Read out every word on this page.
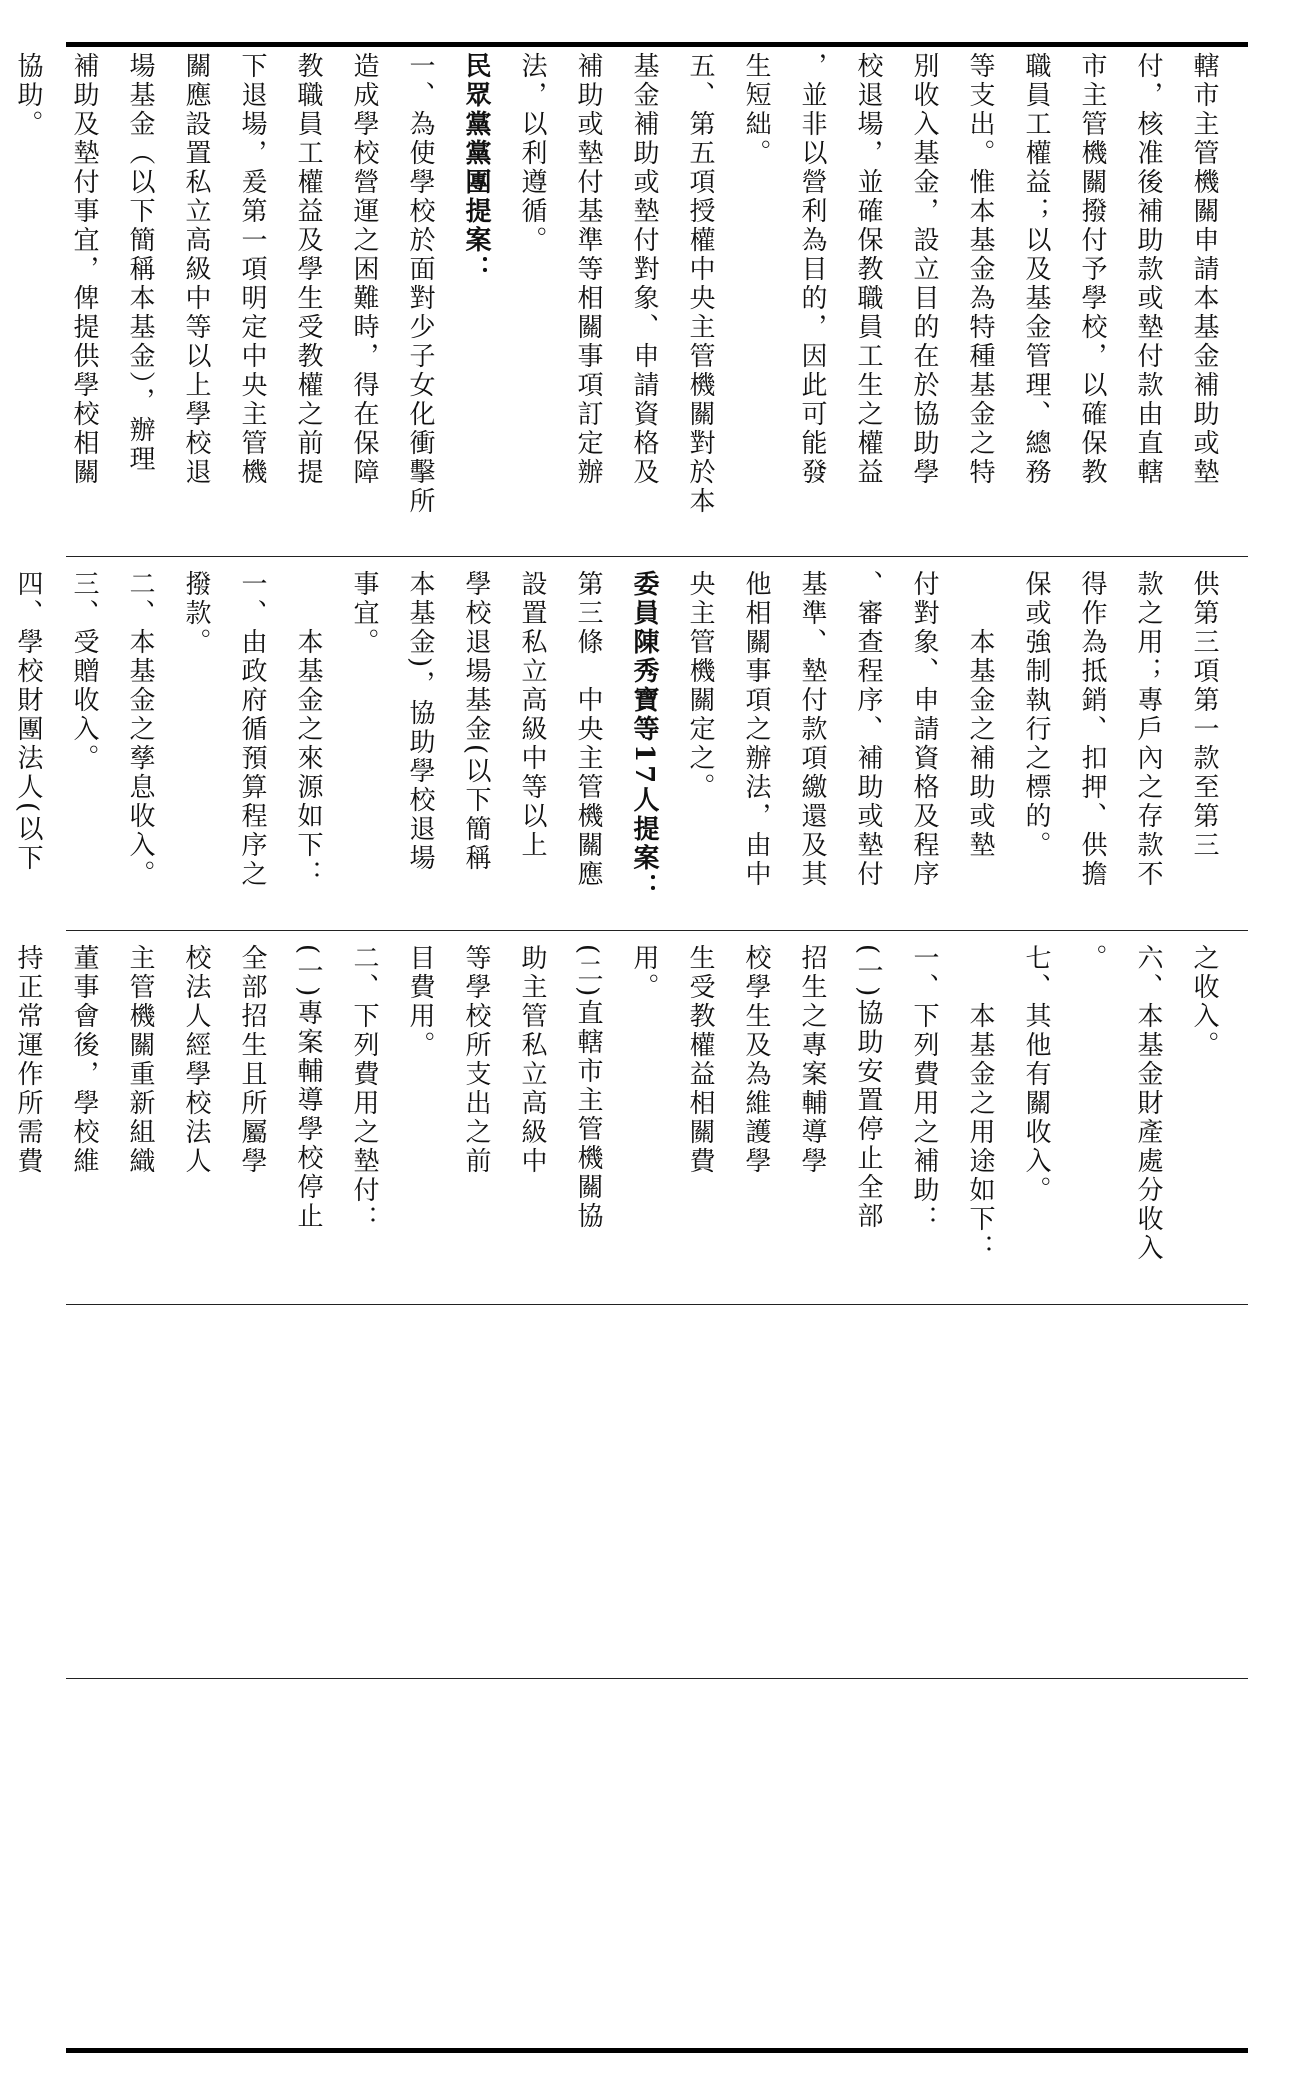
轄市主管機關申請本基金補助或墊
付，核准後補助款或墊付款由直轄
市主管機關撥付予學校，以確保教
職員工權益；以及基金管理、總務
等支出。惟本基金為特種基金之特
別收入基金，設立目的在於協助學
校退場，並確保教職員工生之權益
，並非以營利為目的，因此可能發
生短絀。
五、第五項授權中央主管機關對於本
基金補助或墊付對象、申請資格及
補助或墊付基準等相關事項訂定辦
法，以利遵循。
民眾黨黨團提案：
一、為使學校於面對少子女化衝擊所
造成學校營運之困難時，得在保障
教職員工權益及學生受教權之前提
下退場，爰第一項明定中央主管機
關應設置私立高級中等以上學校退
場基金（以下簡稱本基金），辦理
補助及墊付事宜，俾提供學校相關
協助。
供第三項第一款至第三
款之用；專戶內之存款不
得作為抵銷、扣押、供擔
保或強制執行之標的。
　　本基金之補助或墊
付對象、申請資格及程序
、審查程序、補助或墊付
基準、墊付款項繳還及其
他相關事項之辦法，由中
央主管機關定之。
委員陳秀寶等17人提案：
第三條　中央主管機關應
設置私立高級中等以上
學校退場基金(以下簡稱
本基金)，協助學校退場
事宜。
　　本基金之來源如下：
一、由政府循預算程序之
撥款。
二、本基金之孳息收入。
三、受贈收入。
四、學校財團法人(以下
之收入。
六、本基金財產處分收入
。
七、其他有關收入。
　　本基金之用途如下：
一、下列費用之補助：
(一)協助安置停止全部
招生之專案輔導學
校學生及為維護學
生受教權益相關費
用。
(二)直轄市主管機關協
助主管私立高級中
等學校所支出之前
目費用。
二、下列費用之墊付：
(一)專案輔導學校停止
全部招生且所屬學
校法人經學校法人
主管機關重新組織
董事會後，學校維
持正常運作所需費
